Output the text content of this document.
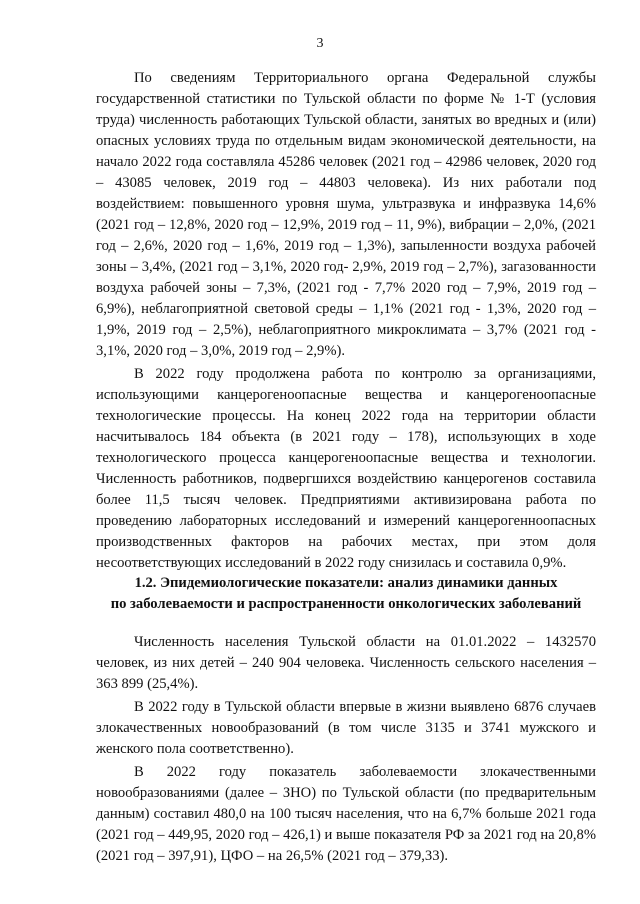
3

По сведениям Территориального органа Федеральной службы государственной статистики по Тульской области по форме № 1-Т (условия труда) численность работающих Тульской области, занятых во вредных и (или) опасных условиях труда по отдельным видам экономической деятельности, на начало 2022 года составляла 45286 человек (2021 год – 42986 человек, 2020 год – 43085 человек, 2019 год – 44803 человека). Из них работали под воздействием: повышенного уровня шума, ультразвука и инфразвука 14,6% (2021 год – 12,8%, 2020 год – 12,9%, 2019 год – 11, 9%), вибрации – 2,0%, (2021 год – 2,6%, 2020 год – 1,6%, 2019 год – 1,3%), запыленности воздуха рабочей зоны – 3,4%, (2021 год – 3,1%, 2020 год- 2,9%, 2019 год – 2,7%), загазованности воздуха рабочей зоны – 7,3%, (2021 год - 7,7% 2020 год – 7,9%, 2019 год – 6,9%), неблагоприятной световой среды – 1,1% (2021 год - 1,3%, 2020 год – 1,9%, 2019 год – 2,5%), неблагоприятного микроклимата – 3,7% (2021 год - 3,1%, 2020 год – 3,0%, 2019 год – 2,9%).

В 2022 году продолжена работа по контролю за организациями, использующими канцерогеноопасные вещества и канцерогеноопасные технологические процессы. На конец 2022 года на территории области насчитывалось 184 объекта (в 2021 году – 178), использующих в ходе технологического процесса канцерогеноопасные вещества и технологии. Численность работников, подвергшихся воздействию канцерогенов составила более 11,5 тысяч человек. Предприятиями активизирована работа по проведению лабораторных исследований и измерений канцерогенноопасных производственных факторов на рабочих местах, при этом доля несоответствующих исследований в 2022 году снизилась и составила 0,9%.

1.2. Эпидемиологические показатели: анализ динамики данных
по заболеваемости и распространенности онкологических заболеваний

Численность населения Тульской области на 01.01.2022 – 1432570 человек, из них детей – 240 904 человека. Численность сельского населения – 363 899 (25,4%).

В 2022 году в Тульской области впервые в жизни выявлено 6876 случаев злокачественных новообразований (в том числе 3135 и 3741 мужского и женского пола соответственно).

В 2022 году показатель заболеваемости злокачественными новообразованиями (далее – ЗНО) по Тульской области (по предварительным данным) составил 480,0 на 100 тысяч населения, что на 6,7% больше 2021 года (2021 год – 449,95, 2020 год – 426,1) и выше показателя РФ за 2021 год на 20,8% (2021 год – 397,91), ЦФО – на 26,5% (2021 год – 379,33).
